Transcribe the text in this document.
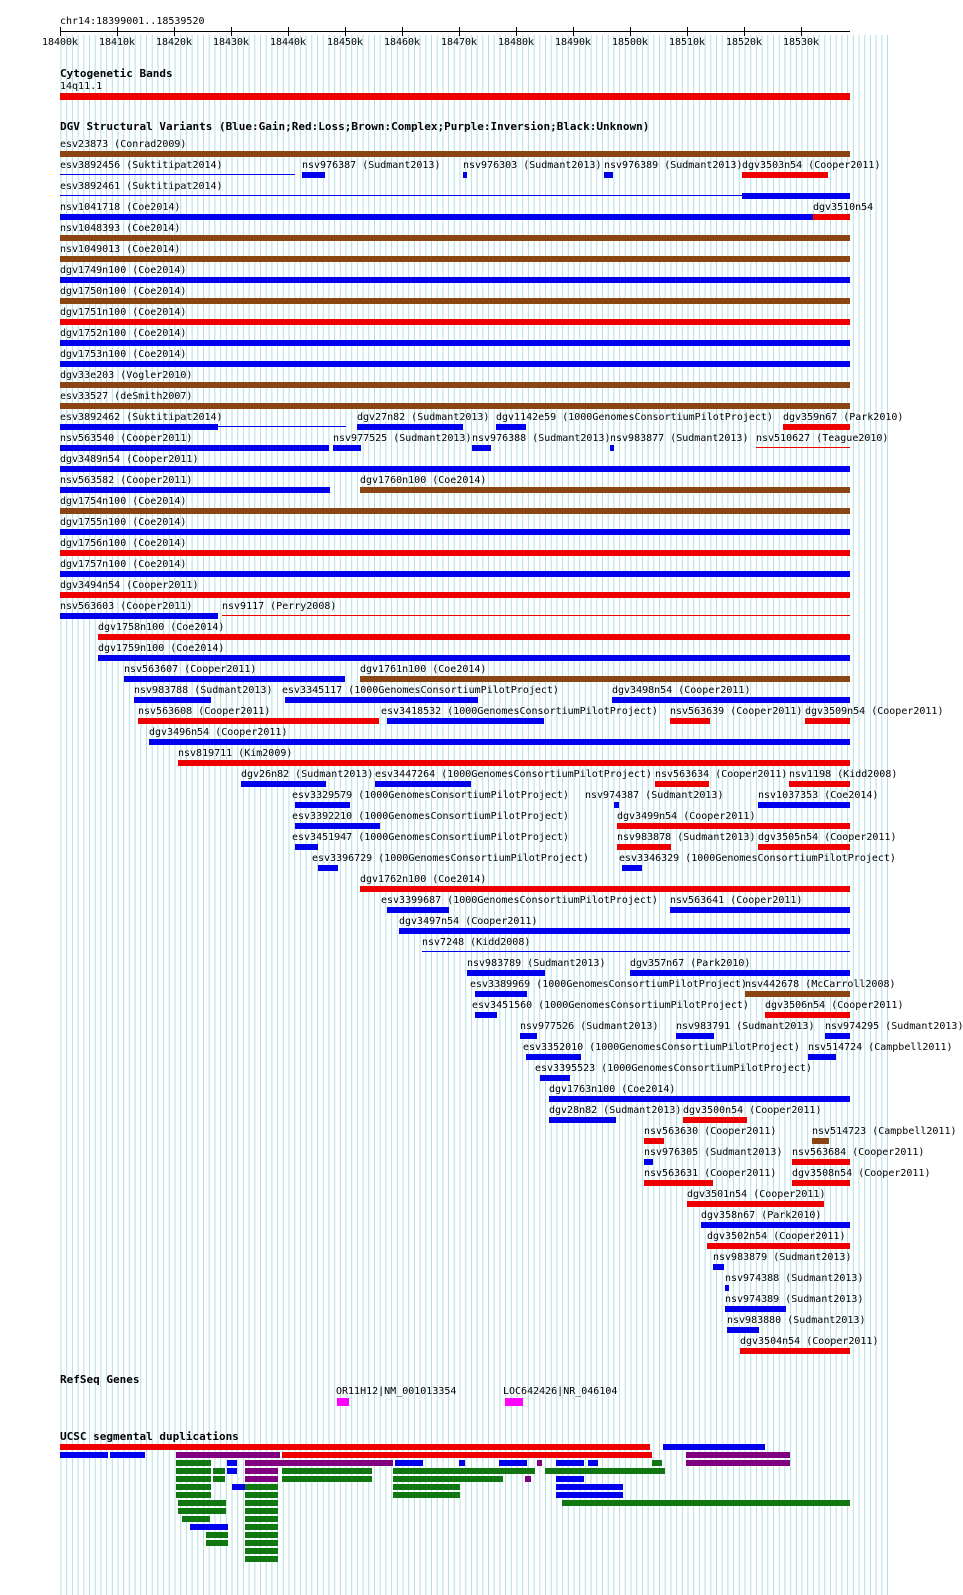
chr14:18399001..18539520
18400k 18410k 18420k 18430k 18440k 18450k 18460k 18470k 18480k 18490k 18500k 18510k 18520k 18530k
Cytogenetic Bands
14q11.1
DGV Structural Variants (Blue:Gain;Red:Loss;Brown:Complex;Purple:Inversion;Black:Unknown)
esv23873 (Conrad2009)
esv3892456 (Suktitipat2014)	nsv976387 (Sudmant2013) nsv976303 (Sudmant2013) nsv976389 (Sudmant2013) dgv3503n54 (Cooper2011)
esv3892461 (Suktitipat2014)
nsv1041718 (Coe2014)	dgv3510n54
nsv1048393 (Coe2014)
nsv1049013 (Coe2014)
dgv1749n100 (Coe2014)
dgv1750n100 (Coe2014)
dgv1751n100 (Coe2014)
dgv1752n100 (Coe2014)
dgv1753n100 (Coe2014)
dgv33e203 (Vogler2010)
esv33527 (deSmith2007)
esv3892462 (Suktitipat2014)	dgv27n82 (Sudmant2013) dgv1142e59 (1000GenomesConsortiumPilotProject) dgv359n67 (Park2010)
nsv563540 (Cooper2011)	nsv977525 (Sudmant2013) nsv976388 (Sudmant2013) nsv983877 (Sudmant2013) nsv510627 (Teague2010)
dgv3489n54 (Cooper2011)
nsv563582 (Cooper2011)	dgv1760n100 (Coe2014)
dgv1754n100 (Coe2014)
dgv1755n100 (Coe2014)
dgv1756n100 (Coe2014)
dgv1757n100 (Coe2014)
dgv3494n54 (Cooper2011)
nsv563603 (Cooper2011)	nsv9117 (Perry2008)
dgv1758n100 (Coe2014)
dgv1759n100 (Coe2014)
nsv563607 (Cooper2011)	dgv1761n100 (Coe2014)
nsv983788 (Sudmant2013) esv3345117 (1000GenomesConsortiumPilotProject)	dgv3498n54 (Cooper2011)
nsv563608 (Cooper2011)	esv3418532 (1000GenomesConsortiumPilotProject) nsv563639 (Cooper2011) dgv3509n54 (Cooper2011)
dgv3496n54 (Cooper2011)
nsv819711 (Kim2009)
dgv26n82 (Sudmant2013) esv3447264 (1000GenomesConsortiumPilotProject) nsv563634 (Cooper2011) nsv1198 (Kidd2008)
esv3329579 (1000GenomesConsortiumPilotProject) nsv974387 (Sudmant2013)	nsv1037353 (Coe2014)
esv3392210 (1000GenomesConsortiumPilotProject)	dgv3499n54 (Cooper2011)
esv3451947 (1000GenomesConsortiumPilotProject)	nsv983878 (Sudmant2013) dgv3505n54 (Cooper2011)
esv3396729 (1000GenomesConsortiumPilotProject)	esv3346329 (1000GenomesConsortiumPilotProject)
dgv1762n100 (Coe2014)
esv3399687 (1000GenomesConsortiumPilotProject) nsv563641 (Cooper2011)
dgv3497n54 (Cooper2011)
nsv7248 (Kidd2008)
nsv983789 (Sudmant2013) dgv357n67 (Park2010)
esv3389969 (1000GenomesConsortiumPilotProject)
nsv442678 (McCarroll2008)
esv3451560 (1000GenomesConsortiumPilotProject) dgv3506n54 (Cooper2011)
nsv977526 (Sudmant2013) nsv983791 (Sudmant2013) nsv974295 (Sudmant2013)
esv3352010 (1000GenomesConsortiumPilotProject) nsv514724 (Campbell2011)
esv3395523 (1000GenomesConsortiumPilotProject)
dgv1763n100 (Coe2014)
dgv28n82 (Sudmant2013) dgv3500n54 (Cooper2011)
nsv563630 (Cooper2011)	nsv514723 (Campbell2011)
nsv976305 (Sudmant2013) nsv563684 (Cooper2011)
nsv563631 (Cooper2011) dgv3508n54 (Cooper2011)
dgv3501n54 (Cooper2011)
dgv358n67 (Park2010)
dgv3502n54 (Cooper2011)
nsv983879 (Sudmant2013)
nsv974388 (Sudmant2013)
nsv974389 (Sudmant2013)
nsv983880 (Sudmant2013)
dgv3504n54 (Cooper2011)
RefSeq Genes
OR11H12|NM_001013354	LOC642426|NR_046104
UCSC segmental duplications
